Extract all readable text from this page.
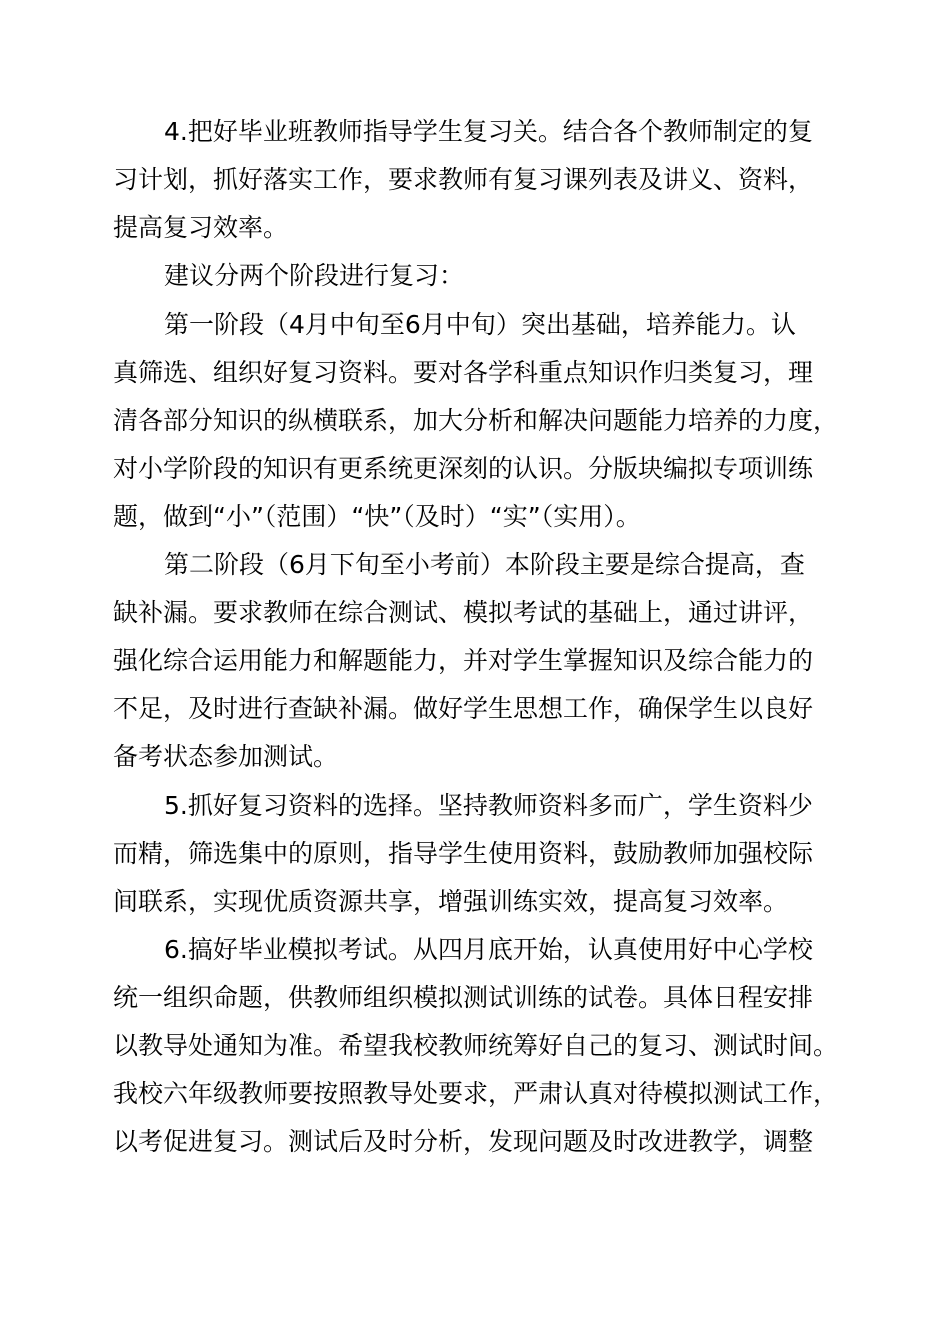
4.把好毕业班教师指导学生复习关。结合各个教师制定的复

习计划，抓好落实工作，要求教师有复习课列表及讲义、资料，

提高复习效率。

建议分两个阶段进行复习：

第一阶段（4月中旬至6月中旬）突出基础，培养能力。认

真筛选、组织好复习资料。要对各学科重点知识作归类复习，理

清各部分知识的纵横联系，加大分析和解决问题能力培养的力度，

对小学阶段的知识有更系统更深刻的认识。分版块编拟专项训练

题，做到“小”（范围）“快”（及时）“实”（实用）。

第二阶段（6月下旬至小考前）本阶段主要是综合提高，查

缺补漏。要求教师在综合测试、模拟考试的基础上，通过讲评，

强化综合运用能力和解题能力，并对学生掌握知识及综合能力的

不足，及时进行查缺补漏。做好学生思想工作，确保学生以良好

备考状态参加测试。

5.抓好复习资料的选择。坚持教师资料多而广，学生资料少

而精，筛选集中的原则，指导学生使用资料，鼓励教师加强校际

间联系，实现优质资源共享，增强训练实效，提高复习效率。

6.搞好毕业模拟考试。从四月底开始，认真使用好中心学校

统一组织命题，供教师组织模拟测试训练的试卷。具体日程安排

以教导处通知为准。希望我校教师统筹好自己的复习、测试时间。

我校六年级教师要按照教导处要求，严肃认真对待模拟测试工作，

以考促进复习。测试后及时分析，发现问题及时改进教学，调整
